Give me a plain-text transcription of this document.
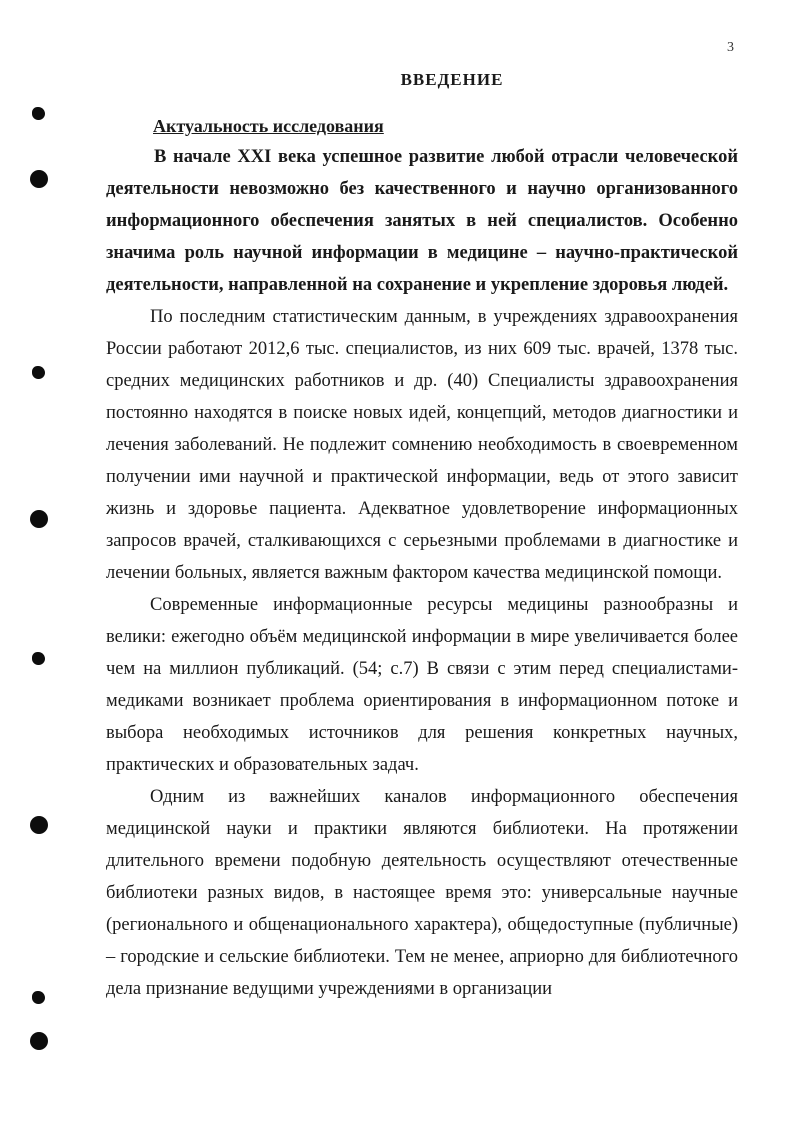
3
ВВЕДЕНИЕ
Актуальность исследования

В начале XXI века успешное развитие любой отрасли человеческой деятельности невозможно без качественного и научно организованного информационного обеспечения занятых в ней специалистов. Особенно значима роль научной информации в медицине – научно-практической деятельности, направленной на сохранение и укрепление здоровья людей.

По последним статистическим данным, в учреждениях здравоохранения России работают 2012,6 тыс. специалистов, из них 609 тыс. врачей, 1378 тыс. средних медицинских работников и др. (40) Специалисты здравоохранения постоянно находятся в поиске новых идей, концепций, методов диагностики и лечения заболеваний. Не подлежит сомнению необходимость в своевременном получении ими научной и практической информации, ведь от этого зависит жизнь и здоровье пациента. Адекватное удовлетворение информационных запросов врачей, сталкивающихся с серьезными проблемами в диагностике и лечении больных, является важным фактором качества медицинской помощи.

Современные информационные ресурсы медицины разнообразны и велики: ежегодно объём медицинской информации в мире увеличивается более чем на миллион публикаций. (54; с.7) В связи с этим перед специалистами-медиками возникает проблема ориентирования в информационном потоке и выбора необходимых источников для решения конкретных научных, практических и образовательных задач.

Одним из важнейших каналов информационного обеспечения медицинской науки и практики являются библиотеки. На протяжении длительного времени подобную деятельность осуществляют отечественные библиотеки разных видов, в настоящее время это: универсальные научные (регионального и общенационального характера), общедоступные (публичные) – городские и сельские библиотеки. Тем не менее, априорно для библиотечного дела признание ведущими учреждениями в организации
